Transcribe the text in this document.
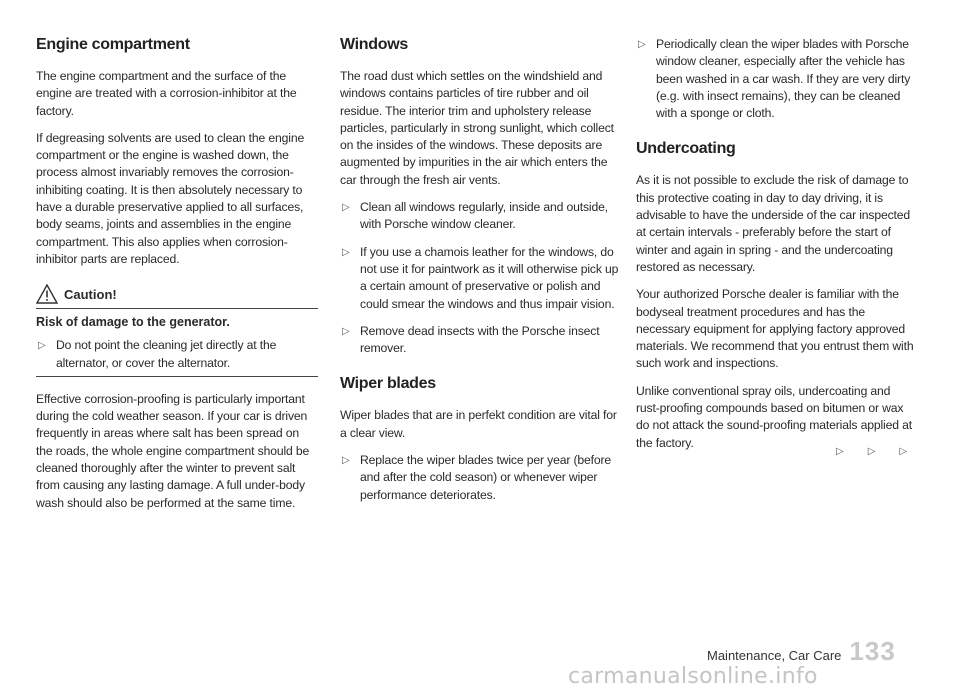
Engine compartment

The engine compartment and the surface of the engine are treated with a corrosion-inhibitor at the factory.

If degreasing solvents are used to clean the engine compartment or the engine is washed down, the process almost invariably removes the corrosion-inhibiting coating. It is then absolutely necessary to have a durable preservative applied to all surfaces, body seams, joints and assemblies in the engine compartment. This also applies when corrosion-inhibitor parts are replaced.

Caution!
Risk of damage to the generator.
▷ Do not point the cleaning jet directly at the alternator, or cover the alternator.

Effective corrosion-proofing is particularly important during the cold weather season. If your car is driven frequently in areas where salt has been spread on the roads, the whole engine compartment should be cleaned thoroughly after the winter to prevent salt from causing any lasting damage. A full under-body wash should also be performed at the same time.

Windows

The road dust which settles on the windshield and windows contains particles of tire rubber and oil residue. The interior trim and upholstery release particles, particularly in strong sunlight, which collect on the insides of the windows. These deposits are augmented by impurities in the air which enters the car through the fresh air vents.

▷ Clean all windows regularly, inside and outside, with Porsche window cleaner.
▷ If you use a chamois leather for the windows, do not use it for paintwork as it will otherwise pick up a certain amount of preservative or polish and could smear the windows and thus impair vision.
▷ Remove dead insects with the Porsche insect remover.
Wiper blades

Wiper blades that are in perfekt condition are vital for a clear view.

▷ Replace the wiper blades twice per year (before and after the cold season) or whenever wiper performance deteriorates.
▷ Periodically clean the wiper blades with Porsche window cleaner, especially after the vehicle has been washed in a car wash. If they are very dirty (e.g. with insect remains), they can be cleaned with a sponge or cloth.
Undercoating

As it is not possible to exclude the risk of damage to this protective coating in day to day driving, it is advisable to have the underside of the car inspected at certain intervals - preferably before the start of winter and again in spring - and the undercoating restored as necessary.

Your authorized Porsche dealer is familiar with the bodyseal treatment procedures and has the necessary equipment for applying factory approved materials. We recommend that you entrust them with such work and inspections.

Unlike conventional spray oils, undercoating and rust-proofing compounds based on bitumen or wax do not attack the sound-proofing materials applied at the factory.

▷ ▷ ▷
Maintenance, Car Care 133
carmanualsonline.info
